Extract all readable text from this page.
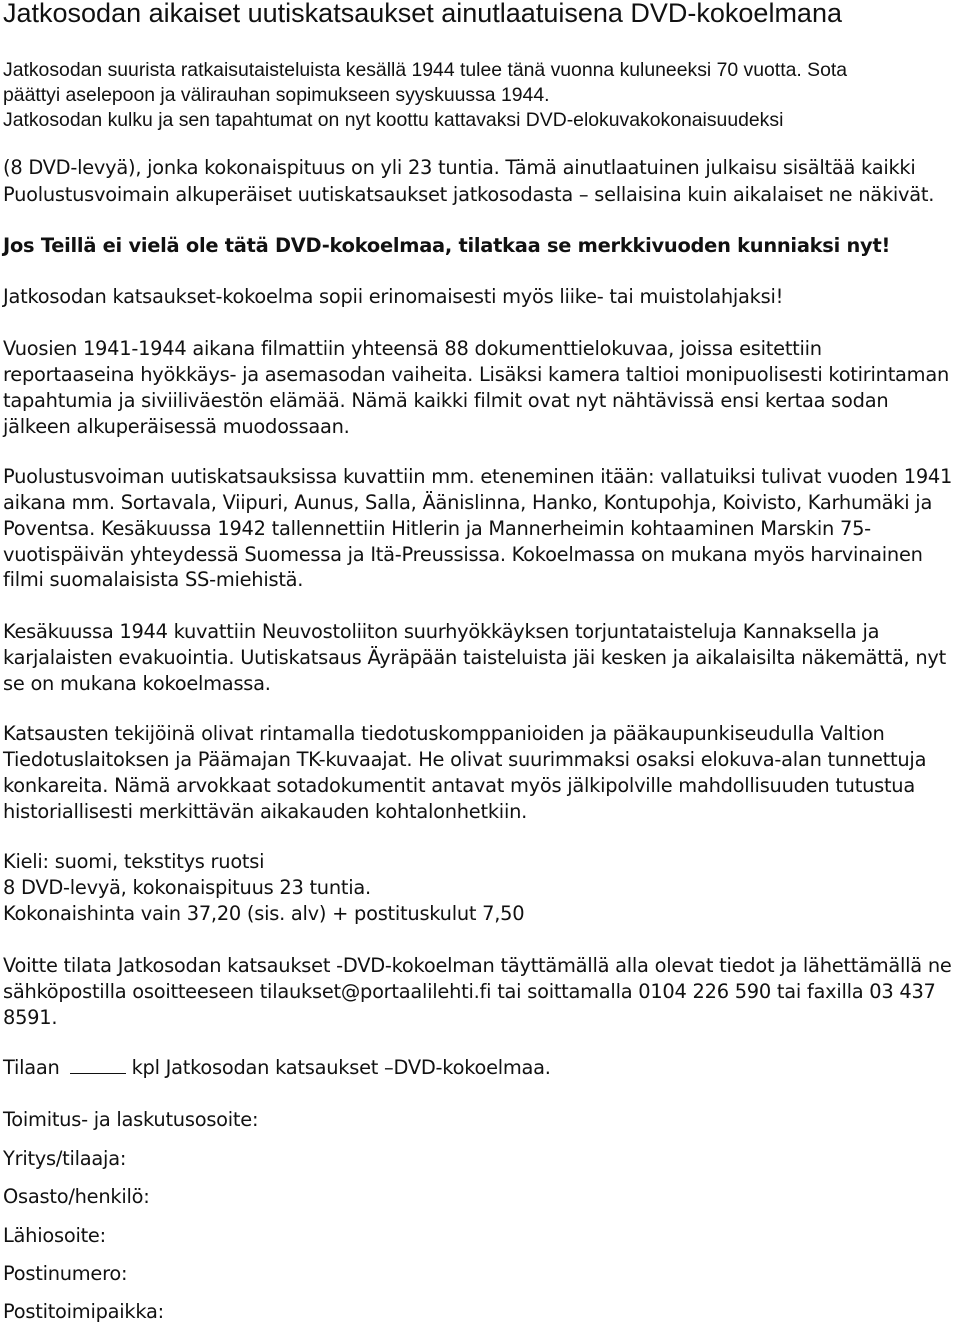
Jatkosodan aikaiset uutiskatsaukset ainutlaatuisena DVD-kokoelmana
Jatkosodan suurista ratkaisutaisteluista kesällä 1944 tulee tänä vuonna kuluneeksi 70 vuotta. Sota
päättyi aselepoon ja välirauhan sopimukseen syyskuussa 1944.
Jatkosodan kulku ja sen tapahtumat on nyt koottu kattavaksi DVD-elokuvakokonaisuudeksi
(8 DVD-levyä), jonka kokonaispituus on yli 23 tuntia. Tämä ainutlaatuinen julkaisu sisältää kaikki
Puolustusvoimain alkuperäiset uutiskatsaukset jatkosodasta – sellaisina kuin aikalaiset ne näkivät.
Jos Teillä ei vielä ole tätä DVD-kokoelmaa, tilatkaa se merkkivuoden kunniaksi nyt!
Jatkosodan katsaukset-kokoelma sopii erinomaisesti myös liike- tai muistolahjaksi!
Vuosien 1941-1944 aikana filmattiin yhteensä 88 dokumenttielokuvaa, joissa esitettiin
reportaaseina hyökkäys- ja asemasodan vaiheita. Lisäksi kamera taltioi monipuolisesti kotirintaman
tapahtumia ja siviiliväestön elämää. Nämä kaikki filmit ovat nyt nähtävissä ensi kertaa sodan
jälkeen alkuperäisessä muodossaan.
Puolustusvoiman uutiskatsauksissa kuvattiin mm. eteneminen itään: vallatuiksi tulivat vuoden 1941
aikana mm. Sortavala, Viipuri, Aunus, Salla, Äänislinna, Hanko, Kontupohja, Koivisto, Karhumäki ja
Poventsa. Kesäkuussa 1942 tallennettiin Hitlerin ja Mannerheimin kohtaaminen Marskin 75-
vuotispäivän yhteydessä Suomessa ja Itä-Preussissa. Kokoelmassa on mukana myös harvinainen
filmi suomalaisista SS-miehistä.
Kesäkuussa 1944 kuvattiin Neuvostoliiton suurhyökkäyksen torjuntataisteluja Kannaksella ja
karjalaisten evakuointia. Uutiskatsaus Äyräpään taisteluista jäi kesken ja aikalaisilta näkemättä, nyt
se on mukana kokoelmassa.
Katsausten tekijöinä olivat rintamalla tiedotuskomppanioiden ja pääkaupunkiseudulla Valtion
Tiedotuslaitoksen ja Päämajan TK-kuvaajat. He olivat suurimmaksi osaksi elokuva-alan tunnettuja
konkareita. Nämä arvokkaat sotadokumentit antavat myös jälkipolville mahdollisuuden tutustua
historiallisesti merkittävän aikakauden kohtalonhetkiin.
Kieli: suomi, tekstitys ruotsi
8 DVD-levyä, kokonaispituus 23 tuntia.
Kokonaishinta vain 37,20 (sis. alv) + postituskulut 7,50
Voitte tilata Jatkosodan katsaukset -DVD-kokoelman täyttämällä alla olevat tiedot ja lähettämällä ne
sähköpostilla osoitteeseen tilaukset@portaalilehti.fi tai soittamalla 0104 226 590 tai faxilla 03 437
8591.
Tilaan	kpl Jatkosodan katsaukset –DVD-kokoelmaa.
Toimitus- ja laskutusosoite:
Yritys/tilaaja:
Osasto/henkilö:
Lähiosoite:
Postinumero:
Postitoimipaikka:
